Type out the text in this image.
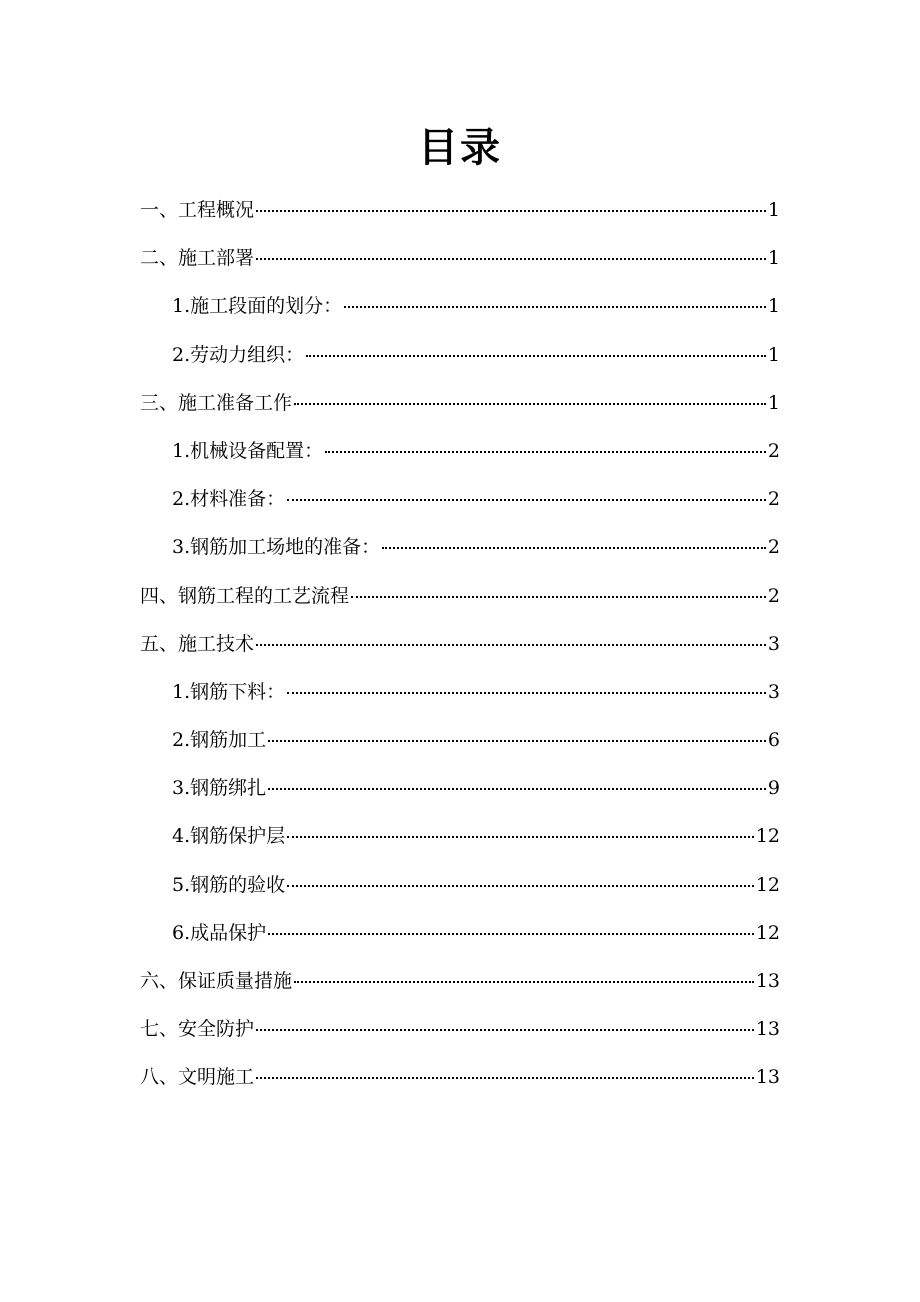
目录
一、工程概况	1
二、施工部署	1
1.施工段面的划分：	1
2.劳动力组织：	1
三、施工准备工作	1
1.机械设备配置：	2
2.材料准备：	2
3.钢筋加工场地的准备：	2
四、钢筋工程的工艺流程	2
五、施工技术	3
1.钢筋下料：	3
2.钢筋加工	6
3.钢筋绑扎	9
4.钢筋保护层	12
5.钢筋的验收	12
6.成品保护	12
六、保证质量措施	13
七、安全防护	13
八、文明施工	13
